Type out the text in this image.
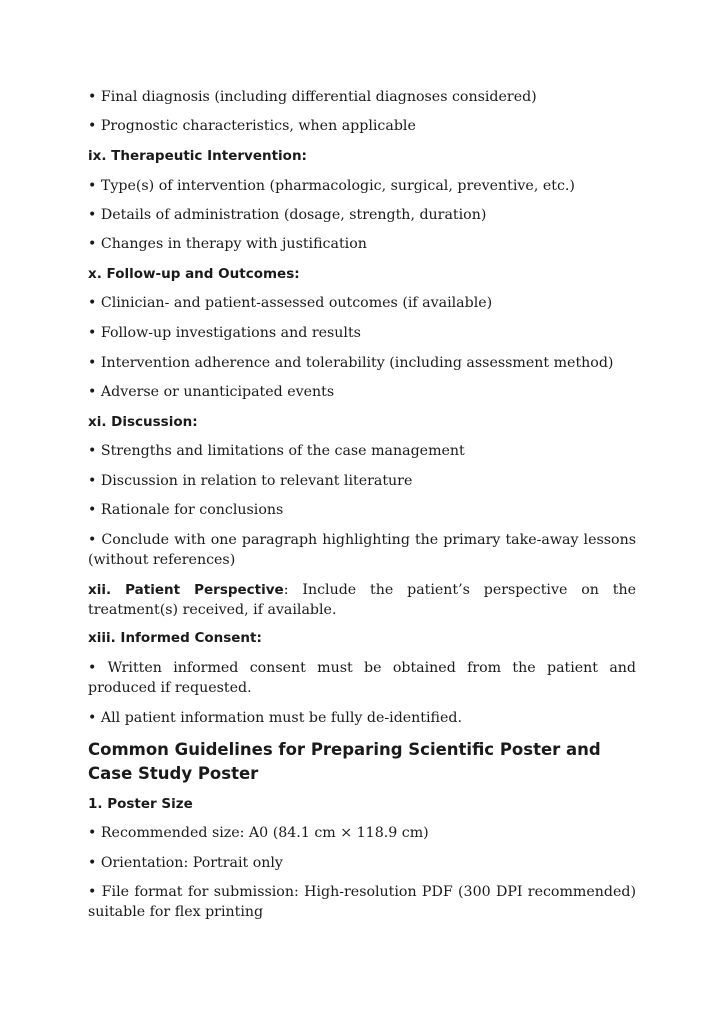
• Final diagnosis (including differential diagnoses considered)
• Prognostic characteristics, when applicable
ix. Therapeutic Intervention:
• Type(s) of intervention (pharmacologic, surgical, preventive, etc.)
• Details of administration (dosage, strength, duration)
• Changes in therapy with justification
x. Follow-up and Outcomes:
• Clinician- and patient-assessed outcomes (if available)
• Follow-up investigations and results
• Intervention adherence and tolerability (including assessment method)
• Adverse or unanticipated events
xi. Discussion:
• Strengths and limitations of the case management
• Discussion in relation to relevant literature
• Rationale for conclusions
• Conclude with one paragraph highlighting the primary take-away lessons (without references)
xii. Patient Perspective: Include the patient’s perspective on the treatment(s) received, if available.
xiii. Informed Consent:
• Written informed consent must be obtained from the patient and produced if requested.
• All patient information must be fully de-identified.
Common Guidelines for Preparing Scientific Poster and Case Study Poster
1. Poster Size
• Recommended size: A0 (84.1 cm × 118.9 cm)
• Orientation: Portrait only
• File format for submission: High-resolution PDF (300 DPI recommended) suitable for flex printing
